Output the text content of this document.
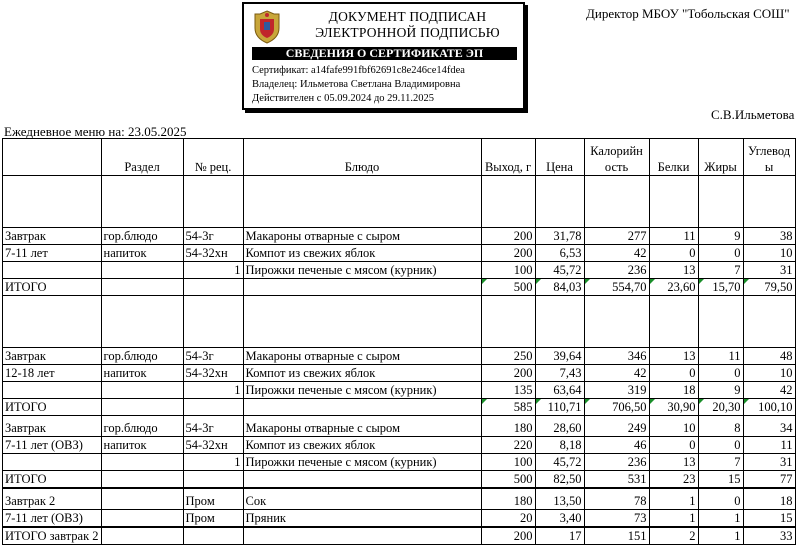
ДОКУМЕНТ ПОДПИСАН
ЭЛЕКТРОННОЙ ПОДПИСЬЮ
СВЕДЕНИЯ О СЕРТИФИКАТЕ ЭП
Сертификат: a14fafe991fbf62691c8e246ce14fdea
Владелец: Ильметова Светлана Владимировна
Действителен с 05.09.2024 до 29.11.2025
Директор МБОУ "Тобольская СОШ"
С.В.Ильметова
Ежедневное меню на: 23.05.2025
	Раздел	№ рец.	Блюдо	Выход, г	Цена	Калорийн ость	Белки	Жиры	Углевод ы

Завтрак	гор.блюдо	54-3г	Макароны отварные с сыром	200	31,78	277	11	9	38
7-11 лет	напиток	54-32хн	Компот из свежих яблок	200	6,53	42	0	0	10
		1	Пирожки печеные с мясом (курник)	100	45,72	236	13	7	31
ИТОГО				500	84,03	554,70	23,60	15,70	79,50

Завтрак	гор.блюдо	54-3г	Макароны отварные с сыром	250	39,64	346	13	11	48
12-18 лет	напиток	54-32хн	Компот из свежих яблок	200	7,43	42	0	0	10
		1	Пирожки печеные с мясом (курник)	135	63,64	319	18	9	42
ИТОГО				585	110,71	706,50	30,90	20,30	100,10
Завтрак	гор.блюдо	54-3г	Макароны отварные с сыром	180	28,60	249	10	8	34
7-11 лет (ОВЗ)	напиток	54-32хн	Компот из свежих яблок	220	8,18	46	0	0	11
		1	Пирожки печеные с мясом (курник)	100	45,72	236	13	7	31
ИТОГО				500	82,50	531	23	15	77
Завтрак 2		Пром	Сок	180	13,50	78	1	0	18
7-11 лет (ОВЗ)		Пром	Пряник	20	3,40	73	1	1	15
ИТОГО завтрак 2				200	17	151	2	1	33
